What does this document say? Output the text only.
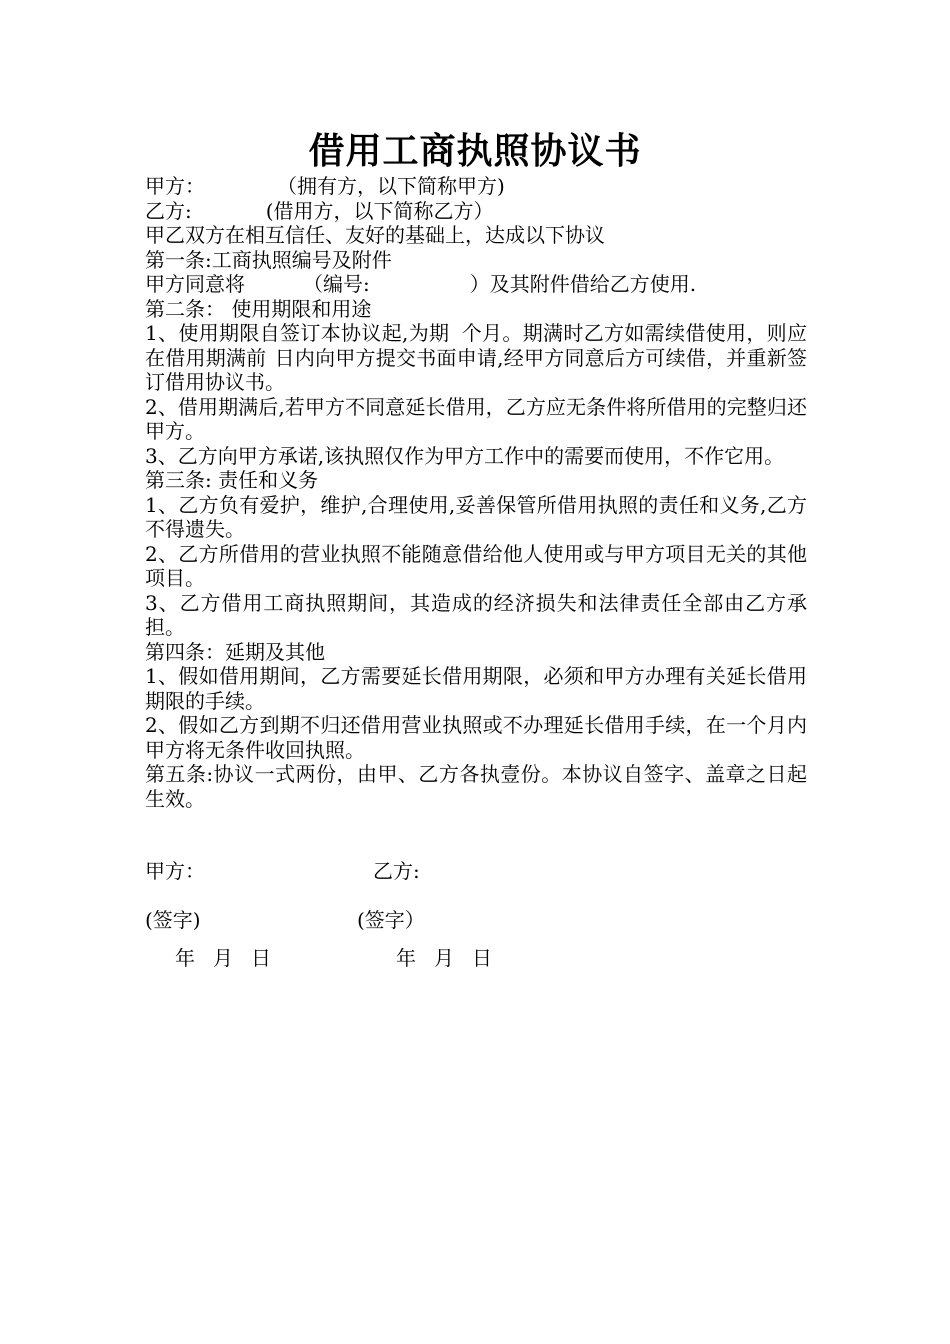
借用工商执照协议书
甲方：	（拥有方，以下简称甲方)
乙方:	(借用方，以下简称乙方）
甲乙双方在相互信任、友好的基础上，达成以下协议
第一条:工商执照编号及附件
甲方同意将	（编号:	）及其附件借给乙方使用.
第二条： 使用期限和用途
1、使用期限自签订本协议起,为期 个月。期满时乙方如需续借使用，则应在借用期满前 日内向甲方提交书面申请,经甲方同意后方可续借，并重新签订借用协议书。
2、借用期满后,若甲方不同意延长借用，乙方应无条件将所借用的完整归还甲方。
3、乙方向甲方承诺,该执照仅作为甲方工作中的需要而使用，不作它用。
第三条: 责任和义务
1、乙方负有爱护，维护,合理使用,妥善保管所借用执照的责任和义务,乙方不得遗失。
2、乙方所借用的营业执照不能随意借给他人使用或与甲方项目无关的其他项目。
3、乙方借用工商执照期间，其造成的经济损失和法律责任全部由乙方承担。
第四条：延期及其他
1、假如借用期间，乙方需要延长借用期限，必须和甲方办理有关延长借用期限的手续。
2、假如乙方到期不归还借用营业执照或不办理延长借用手续，在一个月内甲方将无条件收回执照。
第五条:协议一式两份，由甲、乙方各执壹份。本协议自签字、盖章之日起生效。
甲方：	乙方:
(签字)	(签字）
年 月 日	年 月 日
